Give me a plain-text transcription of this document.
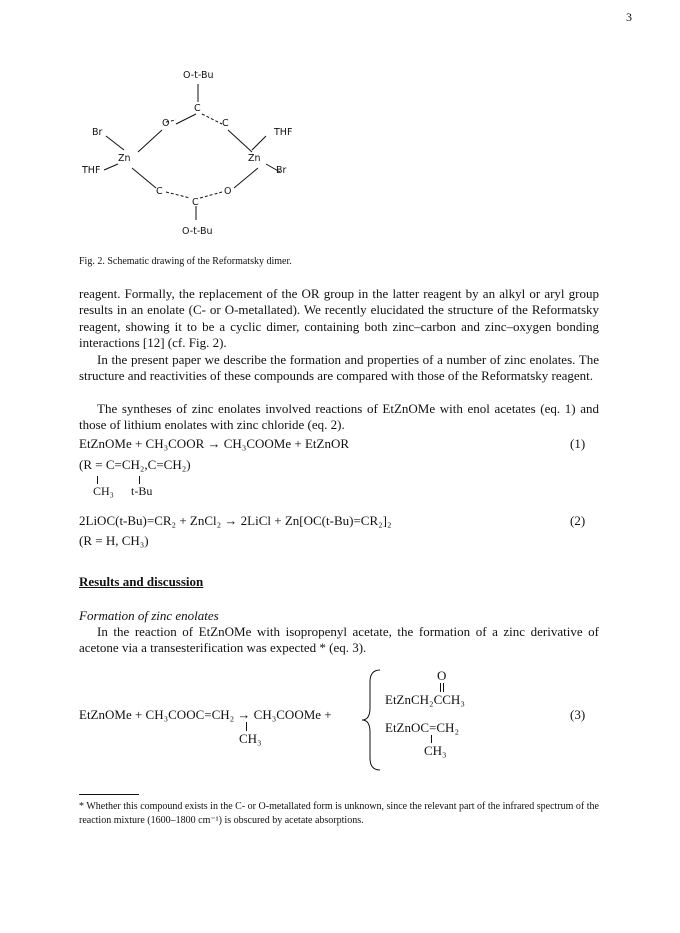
3
O-t-Bu
C
O	C
Br	THF
Zn	Zn
THF	Br
C	O
C
O-t-Bu
Fig. 2. Schematic drawing of the Reformatsky dimer.
reagent. Formally, the replacement of the OR group in the latter reagent by an alkyl or aryl group results in an enolate (C- or O-metallated). We recently elucidated the structure of the Reformatsky reagent, showing it to be a cyclic dimer, containing both zinc–carbon and zinc–oxygen bonding interactions [12] (cf. Fig. 2).
In the present paper we describe the formation and properties of a number of zinc enolates. The structure and reactivities of these compounds are compared with those of the Reformatsky reagent.
The syntheses of zinc enolates involved reactions of EtZnOMe with enol acetates (eq. 1) and those of lithium enolates with zinc chloride (eq. 2).
EtZnOMe + CH₃COOR → CH₃COOMe + EtZnOR	(1)
(R = C=CH₂,C=CH₂)
CH₃ t-Bu
2LiOC(t-Bu)=CR₂ + ZnCl₂ → 2LiCl + Zn[OC(t-Bu)=CR₂]₂	(2)
(R = H, CH₃)
Results and discussion
Formation of zinc enolates
In the reaction of EtZnOMe with isopropenyl acetate, the formation of a zinc derivative of acetone via a transesterification was expected * (eq. 3).
EtZnOMe + CH₃COOC=CH₂ → CH₃COOMe +
CH₃
O
EtZnCH₂CCH₃
EtZnOC=CH₂
CH₃
(3)
* Whether this compound exists in the C- or O-metallated form is unknown, since the relevant part of the infrared spectrum of the reaction mixture (1600–1800 cm⁻¹) is obscured by acetate absorptions.
